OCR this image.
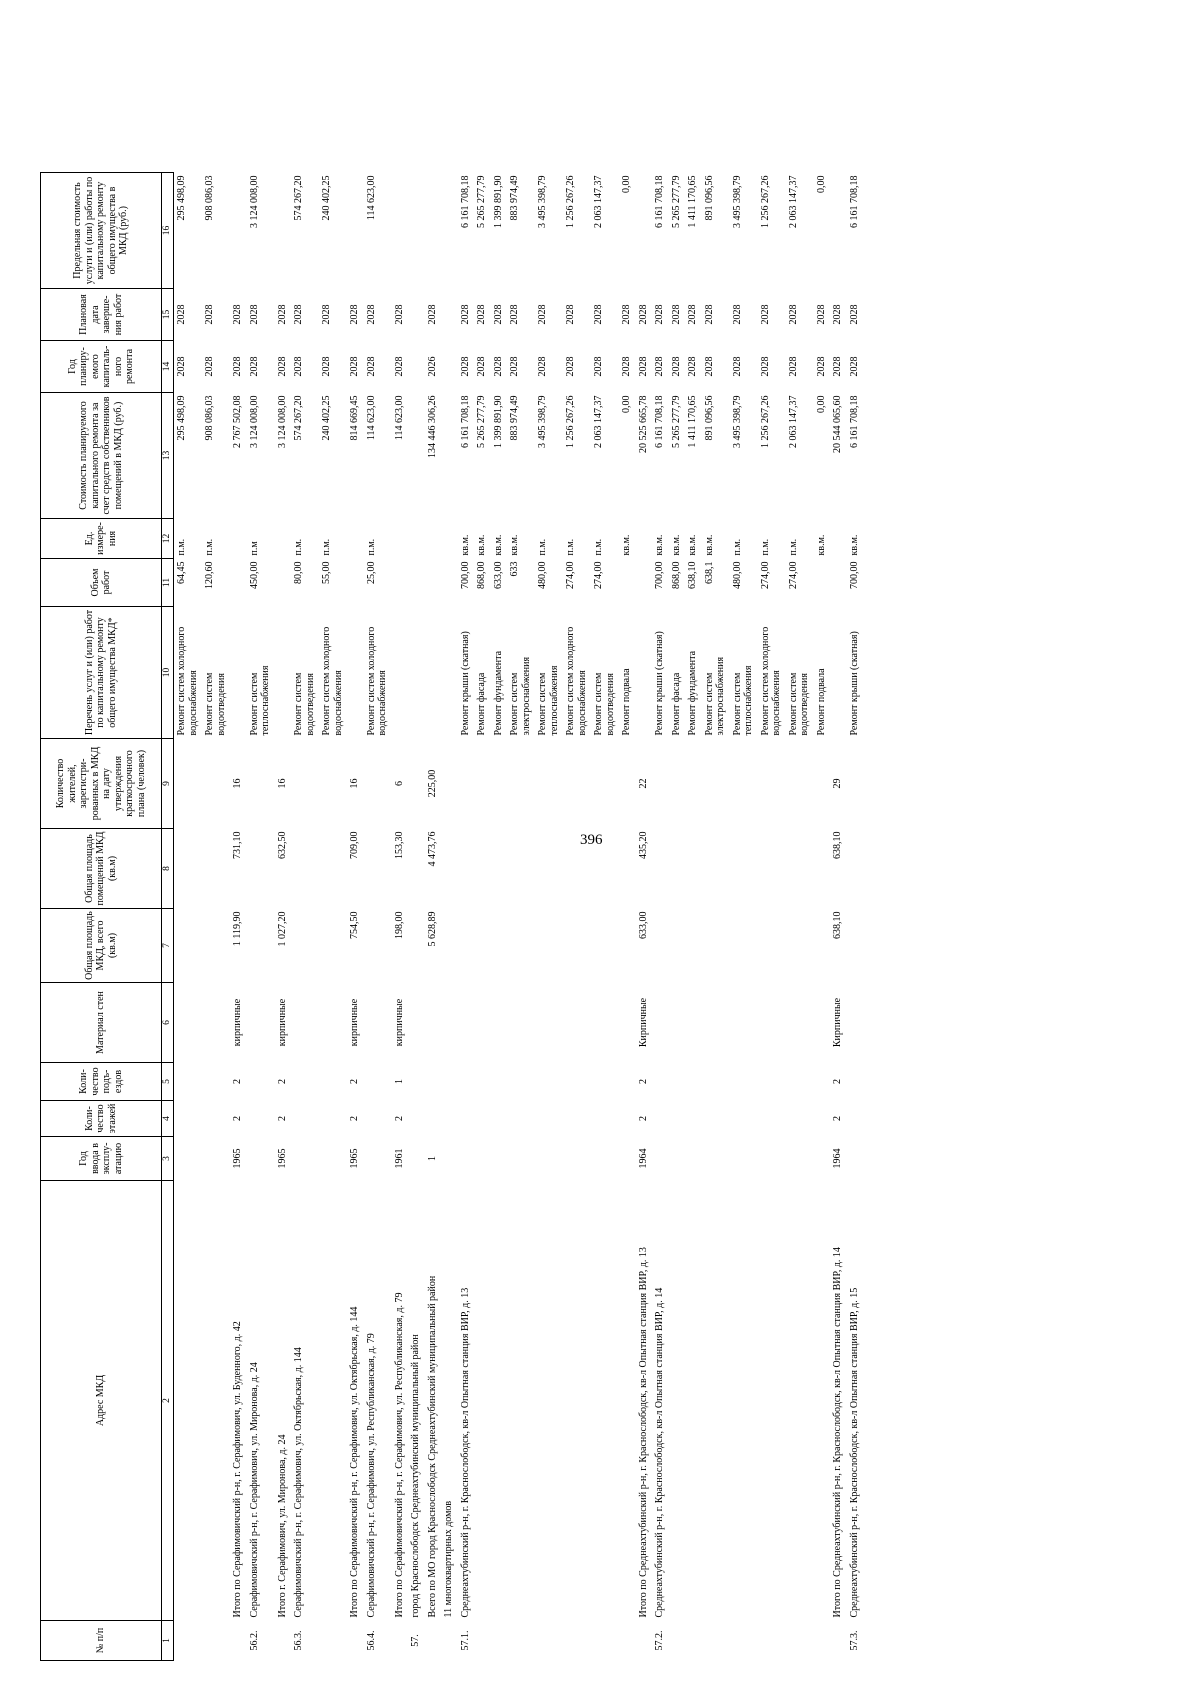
396
№ п/п	Адрес МКД	Год ввода в эксплу-атацию	Коли-чество этажей	Коли-чество подъ-ездов	Материал стен	Общая площадь МКД, всего (кв.м)	Общая площадь помещений МКД (кв.м)	Количество жителей, зарегистри-рованных в МКД на дату утверждения краткосрочного плана (человек)	Перечень услуг и (или) работ по капитальному ремонту общего имущества МКД*	Объем работ	Ед. измере-ния	Стоимость планируемого капитального ремонта за счет средств собственников помещений в МКД (руб.)	Год планиру-емого капиталь-ного ремонта	Плановая дата заверше-ния работ	Предельная стоимость услуги и (или) работы по капитальному ремонту общего имущества в МКД (руб.)
1	2	3	4	5	6	7	8	9	10	11	12	13	14	15	16
									Ремонт систем холодного водоснабжения	64,45	п.м.	295 498,09	2028	2028	295 498,09
									Ремонт систем водоотведения	120,60	п.м.	908 086,03	2028	2028	908 086,03
	Итого по Серафимовичский р-н, г. Серафимович, ул. Буденного, д. 42	1965	2	2	кирпичные	1 119,90	731,10	16				2 767 502,08	2028	2028	
56.2.	Серафимовичский р-н, г. Серафимович, ул. Миронова, д. 24								Ремонт систем теплоснабжения	450,00	п.м	3 124 008,00	2028	2028	3 124 008,00
	Итого г. Серафимович, ул. Миронова, д. 24	1965	2	2	кирпичные	1 027,20	632,50	16				3 124 008,00	2028	2028	
56.3.	Серафимовичский р-н, г. Серафимович, ул. Октябрьская, д. 144								Ремонт систем водоотведения	80,00	п.м.	574 267,20	2028	2028	574 267,20
									Ремонт систем холодного водоснабжения	55,00	п.м.	240 402,25	2028	2028	240 402,25
	Итого по Серафимовичский р-н, г. Серафимович, ул. Октябрьская, д. 144	1965	2	2	кирпичные	754,50	709,00	16				814 669,45	2028	2028	
56.4.	Серафимовичский р-н, г. Серафимович, ул. Республиканская, д. 79								Ремонт систем холодного водоснабжения	25,00	п.м.	114 623,00	2028	2028	114 623,00
	Итого по Серафимовичский р-н, г. Серафимович, ул. Республиканская, д. 79	1961	2	1	кирпичные	198,00	153,30	6				114 623,00	2028	2028	
57.	город Краснослободск Среднеахтубинский муниципальный район														
	Всего по МО город Краснослободск Среднеахтубинский муниципальный район	1				5 628,89	4 473,76	225,00				134 446 306,26	2026	2028	
	11 многоквартирных домов														
57.1.	Среднеахтубинский р-н, г. Краснослободск, кв-л Опытная станция ВИР, д. 13								Ремонт крыши (скатная)	700,00	кв.м.	6 161 708,18	2028	2028	6 161 708,18
									Ремонт фасада	868,00	кв.м.	5 265 277,79	2028	2028	5 265 277,79
									Ремонт фундамента	633,00	кв.м.	1 399 891,90	2028	2028	1 399 891,90
									Ремонт систем электроснабжения	633	кв.м.	883 974,49	2028	2028	883 974,49
									Ремонт систем теплоснабжения	480,00	п.м.	3 495 398,79	2028	2028	3 495 398,79
									Ремонт систем холодного водоснабжения	274,00	п.м.	1 256 267,26	2028	2028	1 256 267,26
									Ремонт систем водоотведения	274,00	п.м.	2 063 147,37	2028	2028	2 063 147,37
									Ремонт подвала		кв.м.	0,00	2028	2028	0,00
	Итого по Среднеахтубинский р-н, г. Краснослободск, кв-л Опытная станция ВИР, д. 13	1964	2	2	Кирпичные	633,00	435,20	22				20 525 665,78	2028	2028	
57.2.	Среднеахтубинский р-н, г. Краснослободск, кв-л Опытная станция ВИР, д. 14								Ремонт крыши (скатная)	700,00	кв.м.	6 161 708,18	2028	2028	6 161 708,18
									Ремонт фасада	868,00	кв.м.	5 265 277,79	2028	2028	5 265 277,79
									Ремонт фундамента	638,10	кв.м.	1 411 170,65	2028	2028	1 411 170,65
									Ремонт систем электроснабжения	638,1	кв.м.	891 096,56	2028	2028	891 096,56
									Ремонт систем теплоснабжения	480,00	п.м.	3 495 398,79	2028	2028	3 495 398,79
									Ремонт систем холодного водоснабжения	274,00	п.м.	1 256 267,26	2028	2028	1 256 267,26
									Ремонт систем водоотведения	274,00	п.м.	2 063 147,37	2028	2028	2 063 147,37
									Ремонт подвала		кв.м.	0,00	2028	2028	0,00
	Итого по Среднеахтубинский р-н, г. Краснослободск, кв-л Опытная станция ВИР, д. 14	1964	2	2	Кирпичные	638,10	638,10	29				20 544 065,60	2028	2028	
57.3.	Среднеахтубинский р-н, г. Краснослободск, кв-л Опытная станция ВИР, д. 15								Ремонт крыши (скатная)	700,00	кв.м.	6 161 708,18	2028	2028	6 161 708,18
